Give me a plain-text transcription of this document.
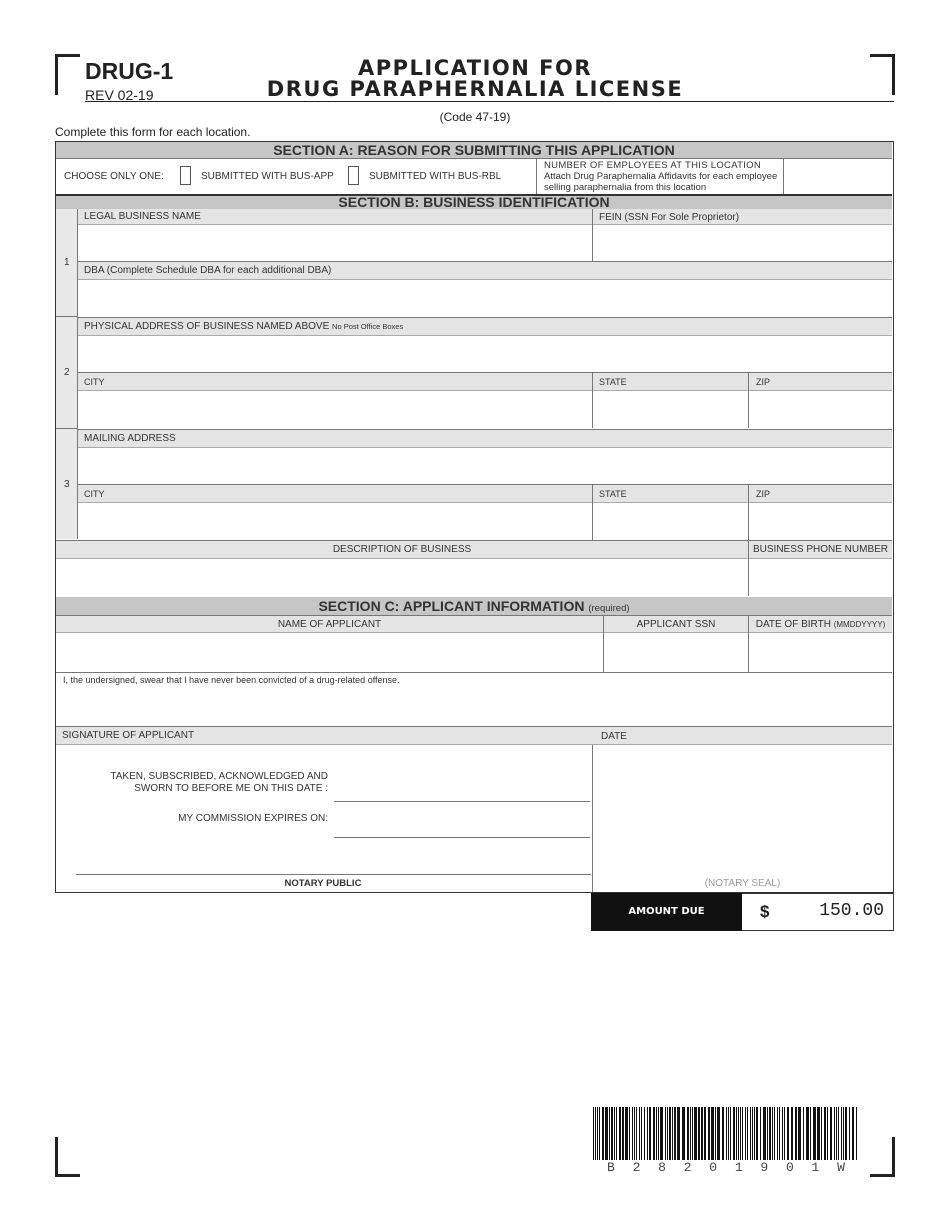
DRUG-1
REV 02-19
APPLICATION FOR
DRUG PARAPHERNALIA LICENSE
(Code 47-19)
Complete this form for each location.
SECTION A: REASON FOR SUBMITTING THIS APPLICATION
CHOOSE ONLY ONE:	SUBMITTED WITH BUS-APP	SUBMITTED WITH BUS-RBL
NUMBER OF EMPLOYEES AT THIS LOCATION
Attach Drug Paraphernalia Affidavits for each employee
selling paraphernalia from this location
SECTION B: BUSINESS IDENTIFICATION
1
2
3
LEGAL BUSINESS NAME	FEIN (SSN For Sole Proprietor)
DBA (Complete Schedule DBA for each additional DBA)
PHYSICAL ADDRESS OF BUSINESS NAMED ABOVE No Post Office Boxes
CITY	STATE	ZIP
MAILING ADDRESS
CITY	STATE	ZIP
DESCRIPTION OF BUSINESS	BUSINESS PHONE NUMBER
SECTION C: APPLICANT INFORMATION (required)
NAME OF APPLICANT	APPLICANT SSN	DATE OF BIRTH (MMDDYYYY)
I, the undersigned, swear that I have never been convicted of a drug-related offense.
SIGNATURE OF APPLICANT	DATE
TAKEN, SUBSCRIBED, ACKNOWLEDGED AND
SWORN TO BEFORE ME ON THIS DATE :
MY COMMISSION EXPIRES ON:
NOTARY PUBLIC	(NOTARY SEAL)
AMOUNT DUE	$	150.00
B 2 8 2 0 1 9 0 1 W
